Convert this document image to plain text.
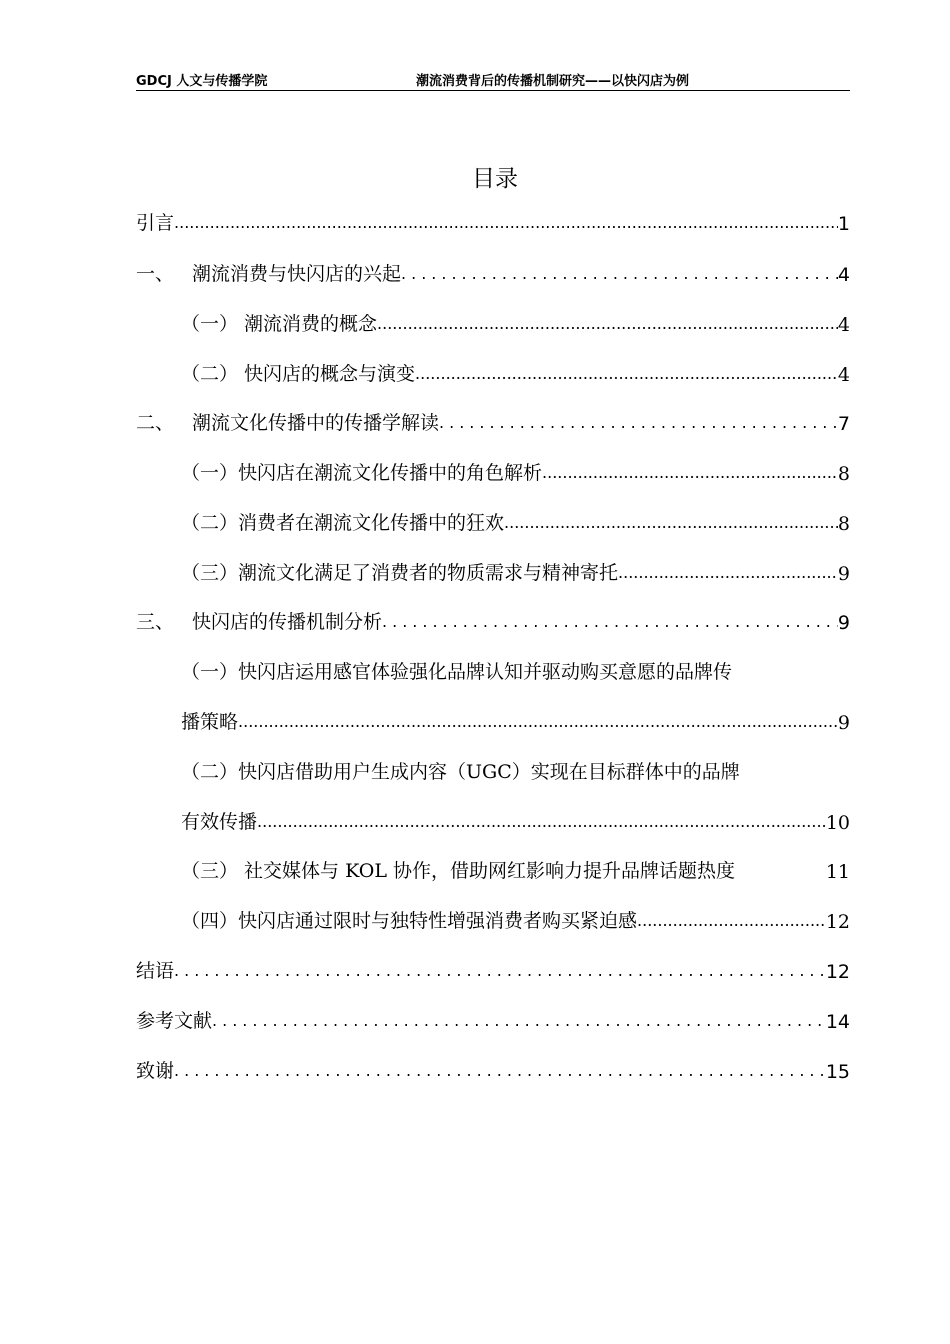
GDCJ 人文与传播学院	潮流消费背后的传播机制研究——以快闪店为例
目录
引言 .....	1
一、 潮流消费与快闪店的兴起 .....	4
（一） 潮流消费的概念 .....	4
（二） 快闪店的概念与演变 .....	4
二、 潮流文化传播中的传播学解读 .....	7
（一）快闪店在潮流文化传播中的角色解析 .....	8
（二）消费者在潮流文化传播中的狂欢 .....	8
（三）潮流文化满足了消费者的物质需求与精神寄托 .....	9
三、 快闪店的传播机制分析 .....	9
（一）快闪店运用感官体验强化品牌认知并驱动购买意愿的品牌传
播策略 .....	9
（二）快闪店借助用户生成内容（UGC）实现在目标群体中的品牌
有效传播 .....	10
（三） 社交媒体与 KOL 协作，借助网红影响力提升品牌话题热度	11
（四）快闪店通过限时与独特性增强消费者购买紧迫感 .....	12
结语 .....	12
参考文献 .....	14
致谢 .....	15
